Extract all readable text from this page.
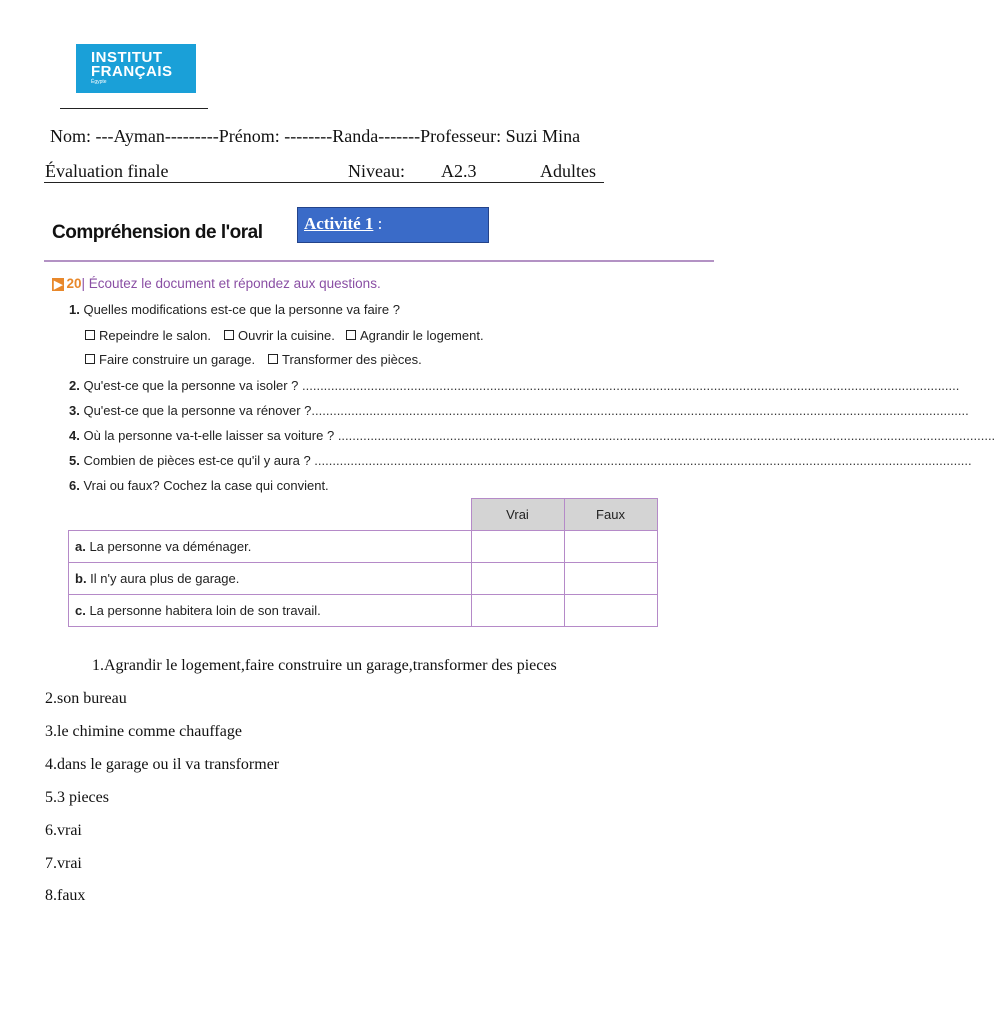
INSTITUT
FRANÇAIS
Égypte
Nom: ---Ayman---------Prénom: --------Randa-------Professeur: Suzi Mina
Évaluation finale	Niveau: A2.3	Adultes
Compréhension de l'oral	Activité 1 :
▶ 20| Écoutez le document et répondez aux questions.
1. Quelles modifications est-ce que la personne va faire ?
Repeindre le salon.	Ouvrir la cuisine.	Agrandir le logement.
Faire construire un garage.	Transformer des pièces.
2. Qu'est-ce que la personne va isoler ? ......................................................................................................................................................................................
3. Qu'est-ce que la personne va rénover ?......................................................................................................................................................................................
4. Où la personne va-t-elle laisser sa voiture ? ......................................................................................................................................................................................
5. Combien de pièces est-ce qu'il y aura ? ......................................................................................................................................................................................
6. Vrai ou faux? Cochez la case qui convient.
	Vrai	Faux
a. La personne va déménager.		
b. Il n'y aura plus de garage.		
c. La personne habitera loin de son travail.		
1.Agrandir le logement,faire construire un garage,transformer des pieces
2.son bureau
3.le chimine comme chauffage
4.dans le garage ou il va transformer
5.3 pieces
6.vrai
7.vrai
8.faux
